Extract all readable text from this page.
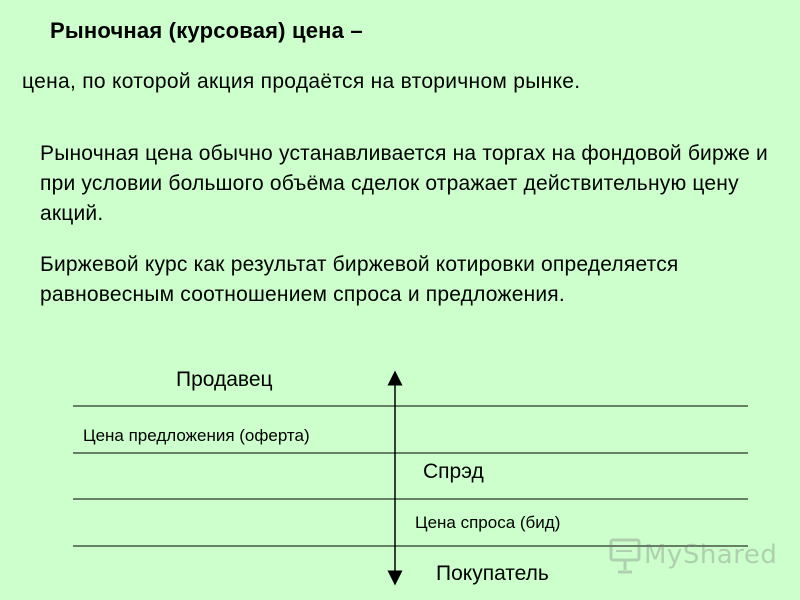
Рыночная (курсовая) цена –
цена, по которой акция продаётся на вторичном рынке.
Рыночная цена обычно устанавливается на торгах на фондовой бирже и при условии большого объёма сделок отражает действительную цену акций.
Биржевой курс как результат биржевой котировки определяется равновесным соотношением спроса и предложения.
Продавец
Цена предложения (оферта)
Спрэд
Цена спроса (бид)
Покупатель
MyShared
